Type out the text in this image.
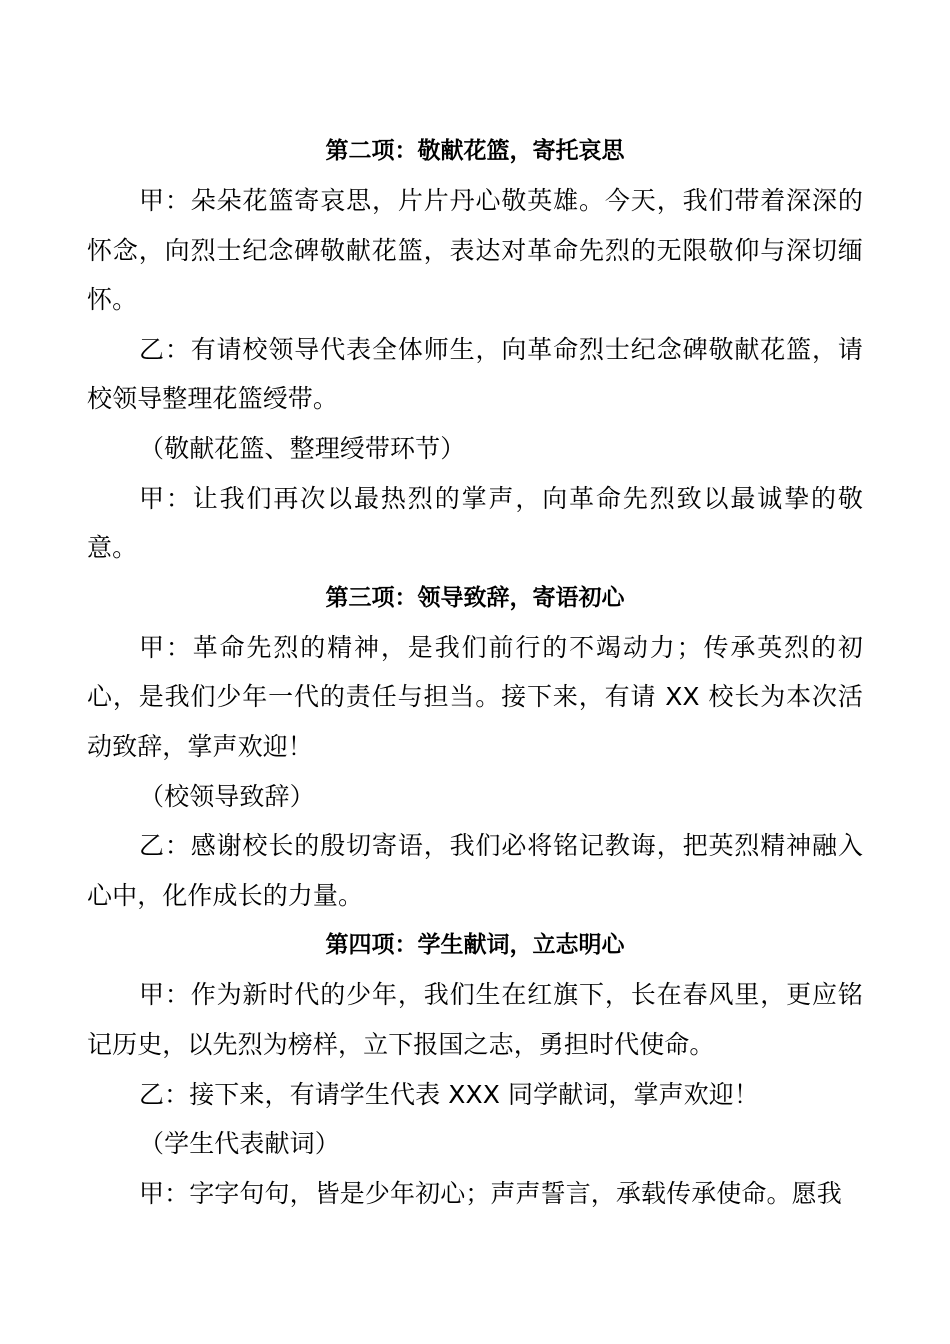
第二项：敬献花篮，寄托哀思

甲：朵朵花篮寄哀思，片片丹心敬英雄。今天，我们带着深深的怀念，向烈士纪念碑敬献花篮，表达对革命先烈的无限敬仰与深切缅怀。

乙：有请校领导代表全体师生，向革命烈士纪念碑敬献花篮，请校领导整理花篮绶带。

（敬献花篮、整理绶带环节）

甲：让我们再次以最热烈的掌声，向革命先烈致以最诚挚的敬意。

第三项：领导致辞，寄语初心

甲：革命先烈的精神，是我们前行的不竭动力；传承英烈的初心，是我们少年一代的责任与担当。接下来，有请 XX 校长为本次活动致辞，掌声欢迎！

（校领导致辞）

乙：感谢校长的殷切寄语，我们必将铭记教诲，把英烈精神融入心中，化作成长的力量。

第四项：学生献词，立志明心

甲：作为新时代的少年，我们生在红旗下，长在春风里，更应铭记历史，以先烈为榜样，立下报国之志，勇担时代使命。

乙：接下来，有请学生代表 XXX 同学献词，掌声欢迎！

（学生代表献词）

甲：字字句句，皆是少年初心；声声誓言，承载传承使命。愿我
